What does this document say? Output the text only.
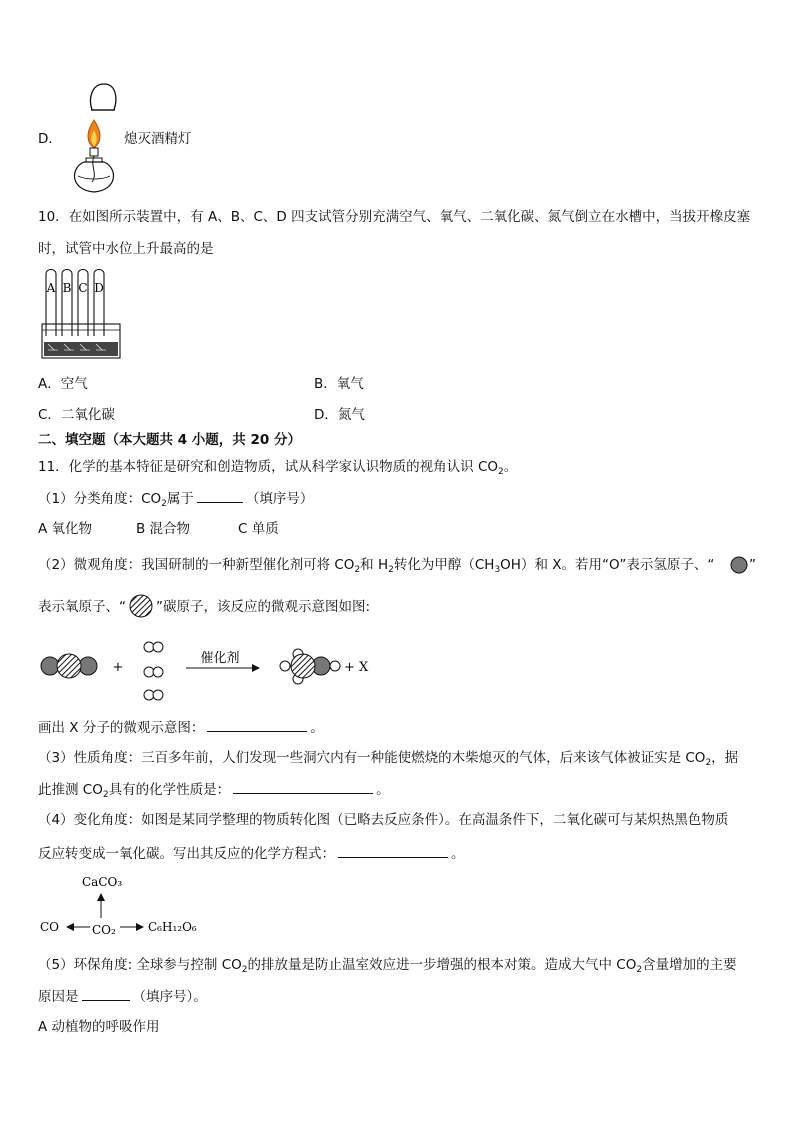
D．	熄灭酒精灯
10．在如图所示装置中，有 A、B、C、D 四支试管分别充满空气、氧气、二氧化碳、氮气倒立在水槽中，当拔开橡皮塞
时，试管中水位上升最高的是
A B C D
A．空气	B．氧气
C．二氧化碳	D．氮气
二、填空题（本大题共 4 小题，共 20 分）
11．化学的基本特征是研究和创造物质，试从科学家认识物质的视角认识 $CO_2$。
（1）分类角度：$CO_2$属于	（填序号）
A 氧化物	B 混合物	C 单质
（2）微观角度：我国研制的一种新型催化剂可将 $CO_2$和 $H_2$转化为甲醇$(CH_3OH)$和 X。若用“O”表示氢原子、“	”
表示氧原子、“ ”碳原子，该反应的微观示意图如图:
+
催化剂
+ X
画出 X 分子的微观示意图：	。
（3）性质角度：三百多年前，人们发现一些洞穴内有一种能使燃烧的木柴熄灭的气体，后来该气体被证实是 $CO_2$，据
此推测 $CO_2$具有的化学性质是：	。
（4）变化角度：如图是某同学整理的物质转化图（已略去反应条件）。在高温条件下，二氧化碳可与某炽热黑色物质
反应转变成一氧化碳。写出其反应的化学方程式：	。
CaCO₃
CO	CO₂	C₆H₁₂O₆
（5）环保角度: 全球参与控制 $CO_2$的排放量是防止温室效应进一步增强的根本对策。造成大气中 $CO_2$含量增加的主要
原因是	（填序号）。
A 动植物的呼吸作用
